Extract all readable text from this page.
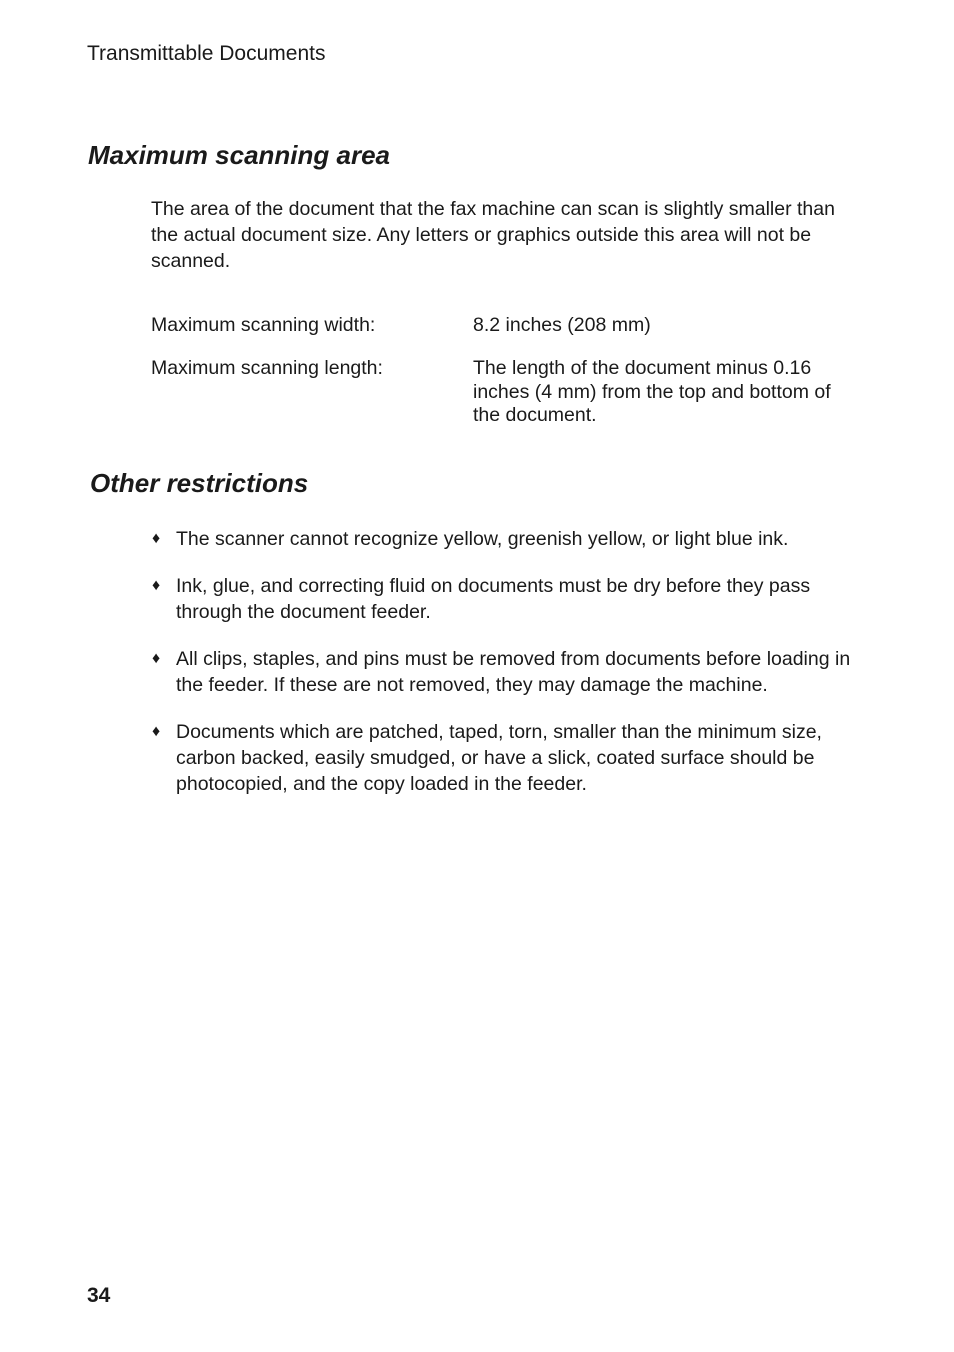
Transmittable Documents
Maximum scanning area

The area of the document that the fax machine can scan is slightly smaller than the actual document size. Any letters or graphics outside this area will not be scanned.

Maximum scanning width:	8.2 inches (208 mm)
Maximum scanning length:	The length of the document minus 0.16 inches (4 mm) from the top and bottom of the document.
Other restrictions
♦ The scanner cannot recognize yellow, greenish yellow, or light blue ink.
♦ Ink, glue, and correcting fluid on documents must be dry before they pass through the document feeder.
♦ All clips, staples, and pins must be removed from documents before loading in the feeder. If these are not removed, they may damage the machine.
♦ Documents which are patched, taped, torn, smaller than the minimum size, carbon backed, easily smudged, or have a slick, coated surface should be photocopied, and the copy loaded in the feeder.
34
